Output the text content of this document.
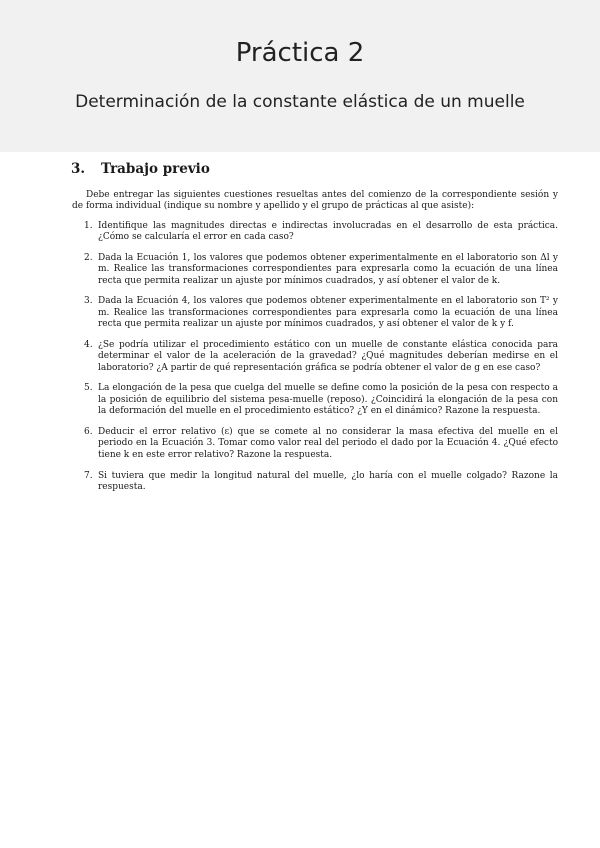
Práctica 2
Determinación de la constante elástica de un muelle
3. Trabajo previo

Debe entregar las siguientes cuestiones resueltas antes del comienzo de la correspondiente sesión y de forma individual (indique su nombre y apellido y el grupo de prácticas al que asiste):

1. Identifique las magnitudes directas e indirectas involucradas en el desarrollo de esta práctica. ¿Cómo se calcularía el error en cada caso?
2. Dada la Ecuación 1, los valores que podemos obtener experimentalmente en el laboratorio son Δl y m. Realice las transformaciones correspondientes para expresarla como la ecuación de una línea recta que permita realizar un ajuste por mínimos cuadrados, y así obtener el valor de k.
3. Dada la Ecuación 4, los valores que podemos obtener experimentalmente en el laboratorio son T² y m. Realice las transformaciones correspondientes para expresarla como la ecuación de una línea recta que permita realizar un ajuste por mínimos cuadrados, y así obtener el valor de k y f.
4. ¿Se podría utilizar el procedimiento estático con un muelle de constante elástica conocida para determinar el valor de la aceleración de la gravedad? ¿Qué magnitudes deberían medirse en el laboratorio? ¿A partir de qué representación gráfica se podría obtener el valor de g en ese caso?
5. La elongación de la pesa que cuelga del muelle se define como la posición de la pesa con respecto a la posición de equilibrio del sistema pesa-muelle (reposo). ¿Coincidirá la elongación de la pesa con la deformación del muelle en el procedimiento estático? ¿Y en el dinámico? Razone la respuesta.
6. Deducir el error relativo (ε) que se comete al no considerar la masa efectiva del muelle en el periodo en la Ecuación 3. Tomar como valor real del periodo el dado por la Ecuación 4. ¿Qué efecto tiene k en este error relativo? Razone la respuesta.
7. Si tuviera que medir la longitud natural del muelle, ¿lo haría con el muelle colgado? Razone la respuesta.
